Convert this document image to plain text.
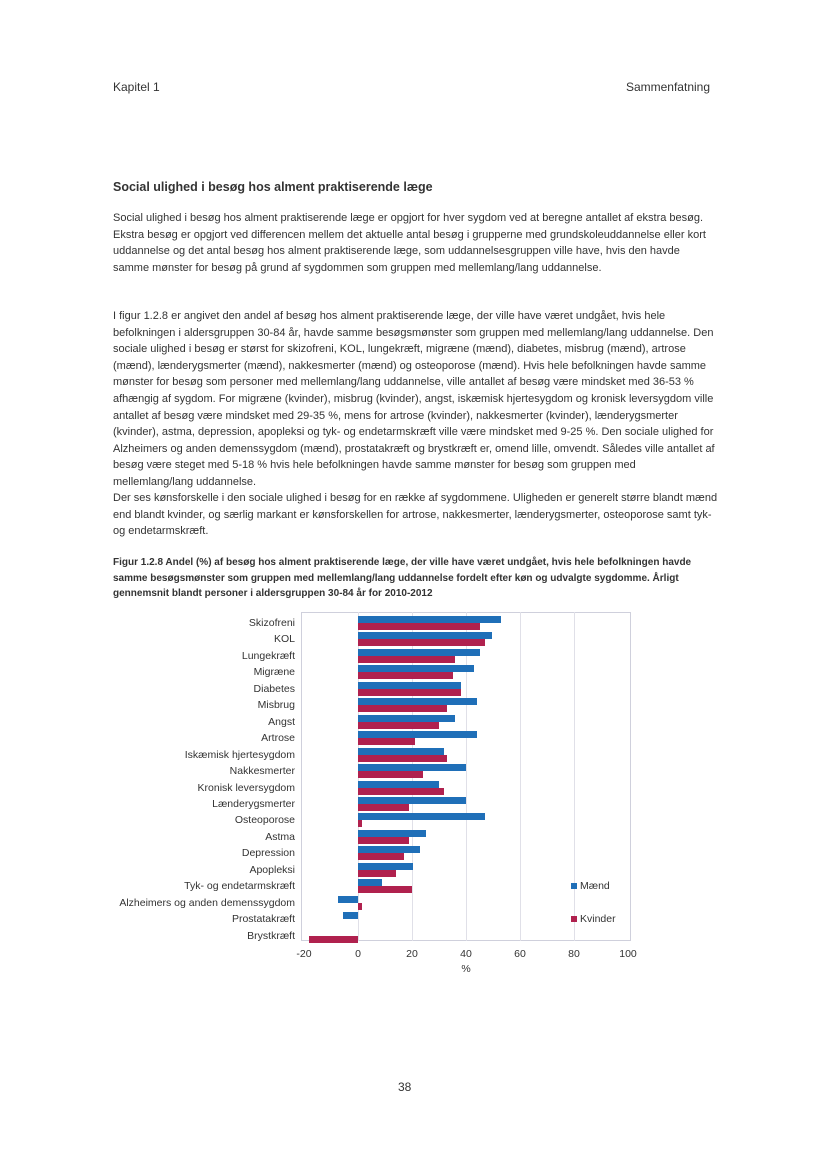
Kapitel 1	Sammenfatning
Social ulighed i besøg hos alment praktiserende læge
Social ulighed i besøg hos alment praktiserende læge er opgjort for hver sygdom ved at beregne antallet af ekstra besøg. Ekstra besøg er opgjort ved differencen mellem det aktuelle antal besøg i grupperne med grundskoleuddannelse eller kort uddannelse og det antal besøg hos alment praktiserende læge, som uddannelsesgruppen ville have, hvis den havde samme mønster for besøg på grund af sygdommen som gruppen med mellemlang/lang uddannelse.
I figur 1.2.8 er angivet den andel af besøg hos alment praktiserende læge, der ville have været undgået, hvis hele befolkningen i aldersgruppen 30-84 år, havde samme besøgsmønster som gruppen med mellemlang/lang uddannelse. Den sociale ulighed i besøg er størst for skizofreni, KOL, lungekræft, migræne (mænd), diabetes, misbrug (mænd), artrose (mænd), lænderygsmerter (mænd), nakkesmerter (mænd) og osteoporose (mænd). Hvis hele befolkningen havde samme mønster for besøg som personer med mellemlang/lang uddannelse, ville antallet af besøg være mindsket med 36-53 % afhængig af sygdom. For migræne (kvinder), misbrug (kvinder), angst, iskæmisk hjertesygdom og kronisk leversygdom ville antallet af besøg være mindsket med 29-35 %, mens for artrose (kvinder), nakkesmerter (kvinder), lænderygsmerter (kvinder), astma, depression, apopleksi og tyk- og endetarmskræft ville være mindsket med 9-25 %. Den sociale ulighed for Alzheimers og anden demenssygdom (mænd), prostatakræft og brystkræft er, omend lille, omvendt. Således ville antallet af besøg være steget med 5-18 % hvis hele befolkningen havde samme mønster for besøg som gruppen med mellemlang/lang uddannelse.
Der ses kønsforskelle i den sociale ulighed i besøg for en række af sygdommene. Uligheden er generelt større blandt mænd end blandt kvinder, og særlig markant er kønsforskellen for artrose, nakkesmerter, lænderygsmerter, osteoporose samt tyk- og endetarmskræft.
Figur 1.2.8 Andel (%) af besøg hos alment praktiserende læge, der ville have været undgået, hvis hele befolkningen havde samme besøgsmønster som gruppen med mellemlang/lang uddannelse fordelt efter køn og udvalgte sygdomme. Årligt gennemsnit blandt personer i aldersgruppen 30-84 år for 2010-2012
-20	0	20	40	60	80	100
%
Skizofreni
KOL
Lungekræft
Migræne
Diabetes
Misbrug
Angst
Artrose
Iskæmisk hjertesygdom
Nakkesmerter
Kronisk leversygdom
Lænderygsmerter
Osteoporose
Astma
Depression
Apopleksi
Tyk- og endetarmskræft
Alzheimers og anden demenssygdom
Prostatakræft
Brystkræft
Mænd
Kvinder
38
